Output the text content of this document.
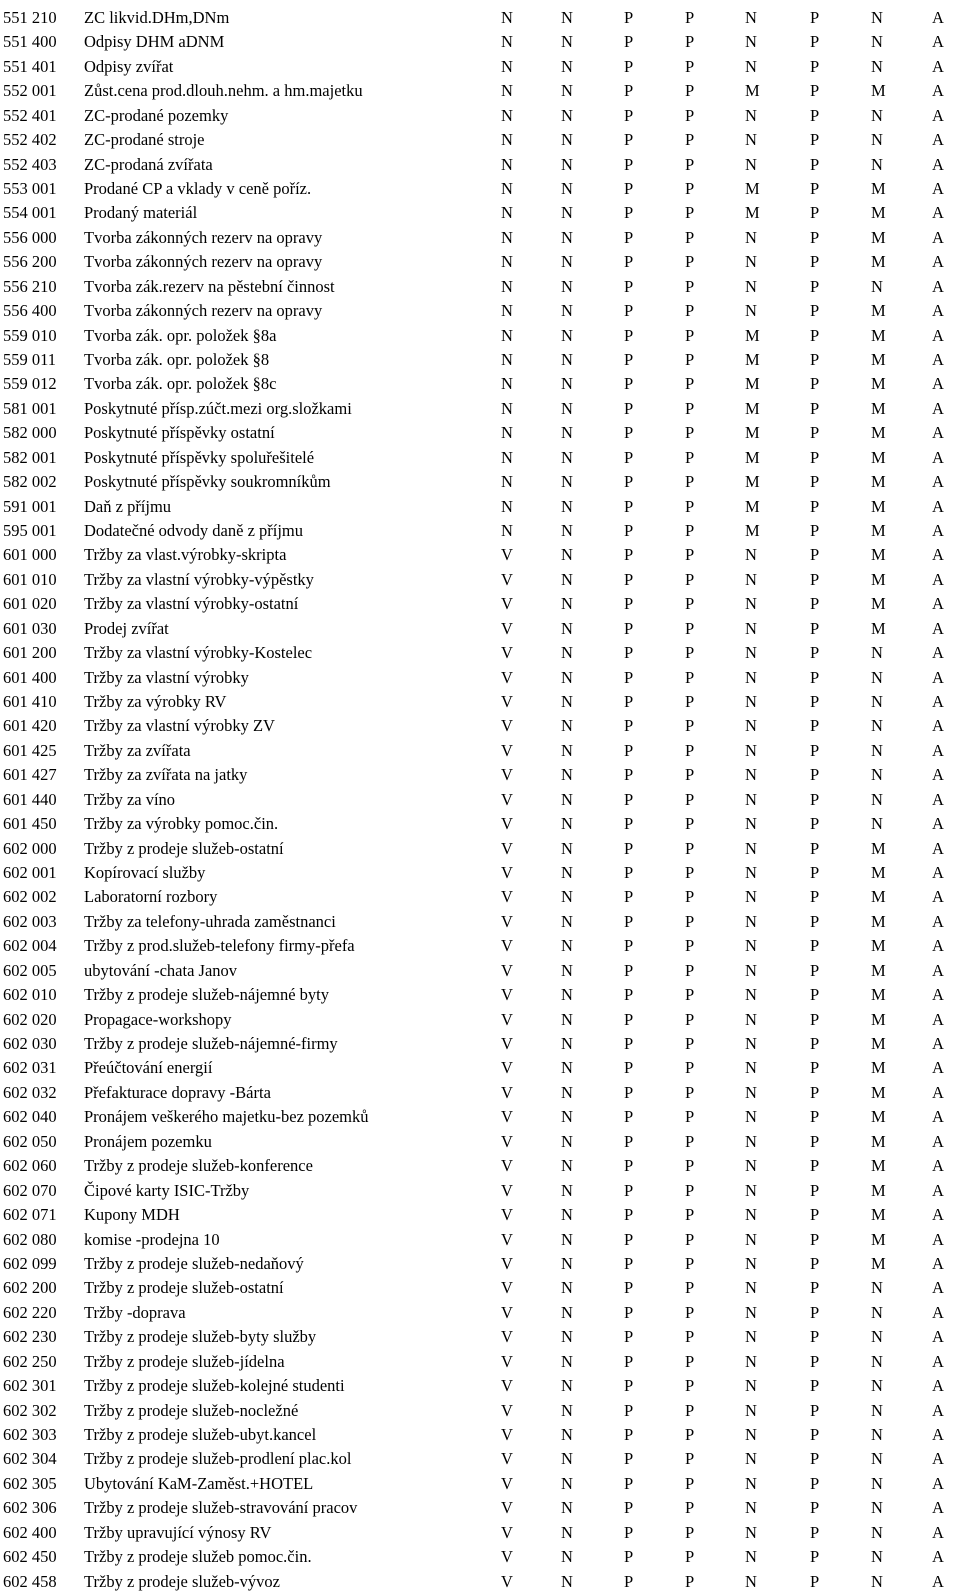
551 210 ZC likvid.DHm,DNm	N	N	P	P	N	P	N	A
551 400 Odpisy DHM aDNM	N	N	P	P	N	P	N	A
551 401 Odpisy zvířat	N	N	P	P	N	P	N	A
552 001 Zůst.cena prod.dlouh.nehm. a hm.majetku	N	N	P	P	M	P	M	A
552 401 ZC-prodané pozemky	N	N	P	P	N	P	N	A
552 402 ZC-prodané stroje	N	N	P	P	N	P	N	A
552 403 ZC-prodaná zvířata	N	N	P	P	N	P	N	A
553 001 Prodané CP a vklady v ceně poříz.	N	N	P	P	M	P	M	A
554 001 Prodaný materiál	N	N	P	P	M	P	M	A
556 000 Tvorba zákonných rezerv na opravy	N	N	P	P	N	P	M	A
556 200 Tvorba zákonných rezerv na opravy	N	N	P	P	N	P	M	A
556 210 Tvorba zák.rezerv na pěstební činnost	N	N	P	P	N	P	N	A
556 400 Tvorba zákonných rezerv na opravy	N	N	P	P	N	P	M	A
559 010 Tvorba zák. opr. položek §8a	N	N	P	P	M	P	M	A
559 011 Tvorba zák. opr. položek §8	N	N	P	P	M	P	M	A
559 012 Tvorba zák. opr. položek §8c	N	N	P	P	M	P	M	A
581 001 Poskytnuté přísp.zúčt.mezi org.složkami	N	N	P	P	M	P	M	A
582 000 Poskytnuté příspěvky ostatní	N	N	P	P	M	P	M	A
582 001 Poskytnuté příspěvky spoluřešitelé	N	N	P	P	M	P	M	A
582 002 Poskytnuté příspěvky soukromníkům	N	N	P	P	M	P	M	A
591 001 Daň z příjmu	N	N	P	P	M	P	M	A
595 001 Dodatečné odvody daně z příjmu	N	N	P	P	M	P	M	A
601 000 Tržby za vlast.výrobky-skripta	V	N	P	P	N	P	M	A
601 010 Tržby za vlastní výrobky-výpěstky	V	N	P	P	N	P	M	A
601 020 Tržby za vlastní výrobky-ostatní	V	N	P	P	N	P	M	A
601 030 Prodej zvířat	V	N	P	P	N	P	M	A
601 200 Tržby za vlastní výrobky-Kostelec	V	N	P	P	N	P	N	A
601 400 Tržby za vlastní výrobky	V	N	P	P	N	P	N	A
601 410 Tržby za výrobky RV	V	N	P	P	N	P	N	A
601 420 Tržby za vlastní výrobky ZV	V	N	P	P	N	P	N	A
601 425 Tržby za zvířata	V	N	P	P	N	P	N	A
601 427 Tržby za zvířata na jatky	V	N	P	P	N	P	N	A
601 440 Tržby za víno	V	N	P	P	N	P	N	A
601 450 Tržby za výrobky pomoc.čin.	V	N	P	P	N	P	N	A
602 000 Tržby z prodeje služeb-ostatní	V	N	P	P	N	P	M	A
602 001 Kopírovací služby	V	N	P	P	N	P	M	A
602 002 Laboratorní rozbory	V	N	P	P	N	P	M	A
602 003 Tržby za telefony-uhrada zaměstnanci	V	N	P	P	N	P	M	A
602 004 Tržby z prod.služeb-telefony firmy-přefa	V	N	P	P	N	P	M	A
602 005 ubytování -chata Janov	V	N	P	P	N	P	M	A
602 010 Tržby z prodeje služeb-nájemné byty	V	N	P	P	N	P	M	A
602 020 Propagace-workshopy	V	N	P	P	N	P	M	A
602 030 Tržby z prodeje služeb-nájemné-firmy	V	N	P	P	N	P	M	A
602 031 Přeúčtování energií	V	N	P	P	N	P	M	A
602 032 Přefakturace dopravy -Bárta	V	N	P	P	N	P	M	A
602 040 Pronájem veškerého majetku-bez pozemků	V	N	P	P	N	P	M	A
602 050 Pronájem pozemku	V	N	P	P	N	P	M	A
602 060 Tržby z prodeje služeb-konference	V	N	P	P	N	P	M	A
602 070 Čipové karty ISIC-Tržby	V	N	P	P	N	P	M	A
602 071 Kupony MDH	V	N	P	P	N	P	M	A
602 080 komise -prodejna 10	V	N	P	P	N	P	M	A
602 099 Tržby z prodeje služeb-nedaňový	V	N	P	P	N	P	M	A
602 200 Tržby z prodeje služeb-ostatní	V	N	P	P	N	P	N	A
602 220 Tržby -doprava	V	N	P	P	N	P	N	A
602 230 Tržby z prodeje služeb-byty služby	V	N	P	P	N	P	N	A
602 250 Tržby z prodeje služeb-jídelna	V	N	P	P	N	P	N	A
602 301 Tržby z prodeje služeb-kolejné studenti	V	N	P	P	N	P	N	A
602 302 Tržby z prodeje služeb-nocležné	V	N	P	P	N	P	N	A
602 303 Tržby z prodeje služeb-ubyt.kancel	V	N	P	P	N	P	N	A
602 304 Tržby z prodeje služeb-prodlení plac.kol	V	N	P	P	N	P	N	A
602 305 Ubytování KaM-Zaměst.+HOTEL	V	N	P	P	N	P	N	A
602 306 Tržby z prodeje služeb-stravování pracov	V	N	P	P	N	P	N	A
602 400 Tržby upravující výnosy RV	V	N	P	P	N	P	N	A
602 450 Tržby z prodeje služeb pomoc.čin.	V	N	P	P	N	P	N	A
602 458 Tržby z prodeje služeb-vývoz	V	N	P	P	N	P	N	A
